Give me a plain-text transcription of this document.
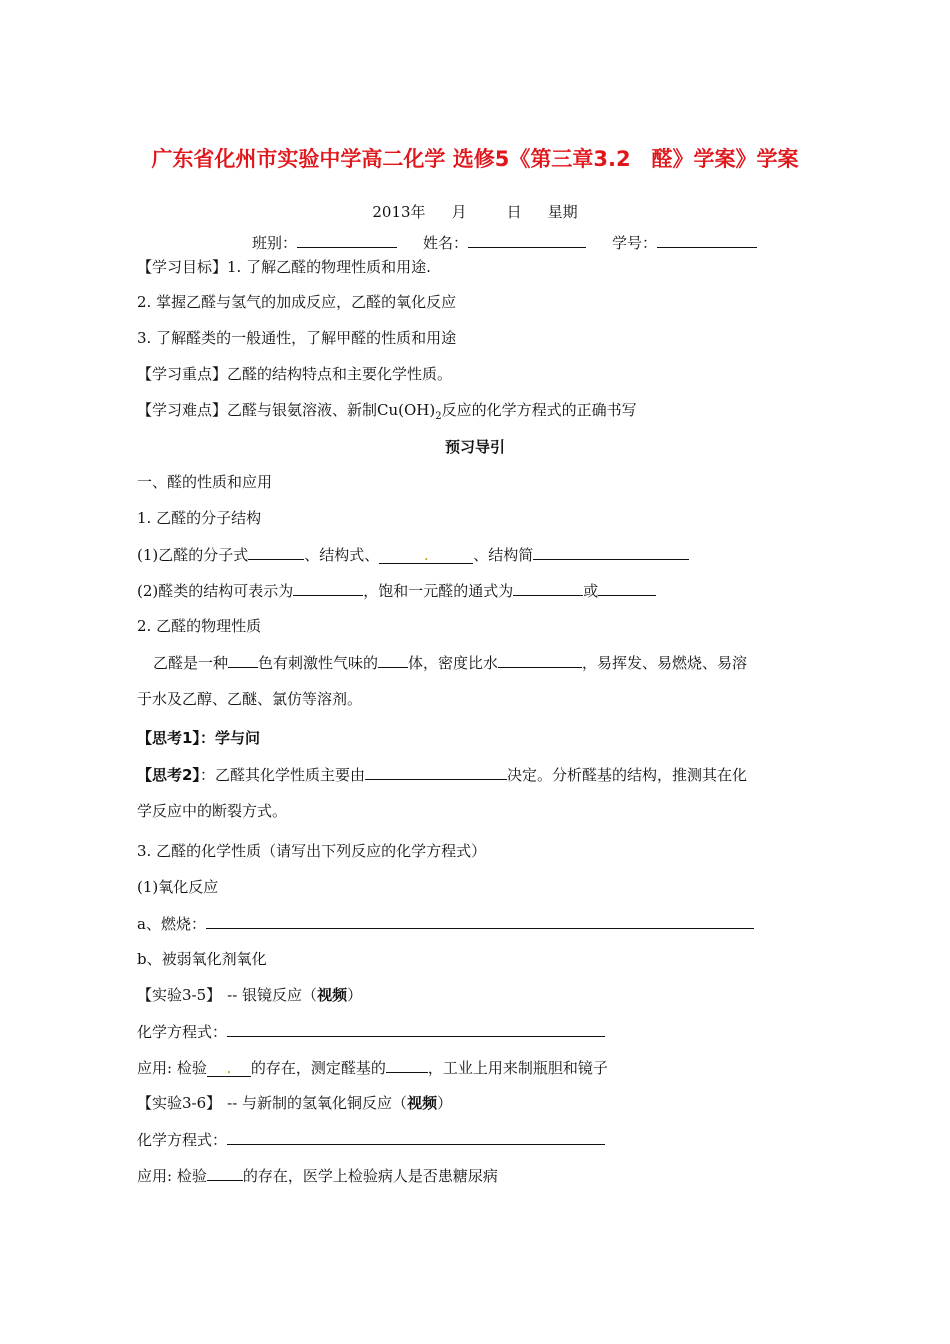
广东省化州市实验中学高二化学 选修5《第三章3.2　醛》学案》学案
2013年 月	日 星期
班别：	姓名：	学号：
【学习目标】1. 了解乙醛的物理性质和用途.
2. 掌握乙醛与氢气的加成反应，乙醛的氧化反应
3. 了解醛类的一般通性，了解甲醛的性质和用途
【学习重点】乙醛的结构特点和主要化学性质。
【学习难点】乙醛与银氨溶液、新制$Cu(OH)_2$反应的化学方程式的正确书写
预习导引
一、醛的性质和应用
1. 乙醛的分子结构
(1)乙醛的分子式	、结构式、	.	、结构简
(2)醛类的结构可表示为	，饱和一元醛的通式为	或
2. 乙醛的物理性质
乙醛是一种 色有刺激性气味的 体，密度比水	，易挥发、易燃烧、易溶
于水及乙醇、乙醚、氯仿等溶剂。
【思考1】：学与问
【思考2】：乙醛其化学性质主要由	决定。分析醛基的结构，推测其在化
学反应中的断裂方式。
3. 乙醛的化学性质（请写出下列反应的化学方程式）
(1)氧化反应
a、燃烧：
b、被弱氧化剂氧化
【实验3-5】 -- 银镜反应（视频）
化学方程式：
应用: 检验 . 的存在，测定醛基的	，工业上用来制瓶胆和镜子
【实验3-6】 -- 与新制的氢氧化铜反应（视频）
化学方程式：
应用: 检验 的存在，医学上检验病人是否患糖尿病
